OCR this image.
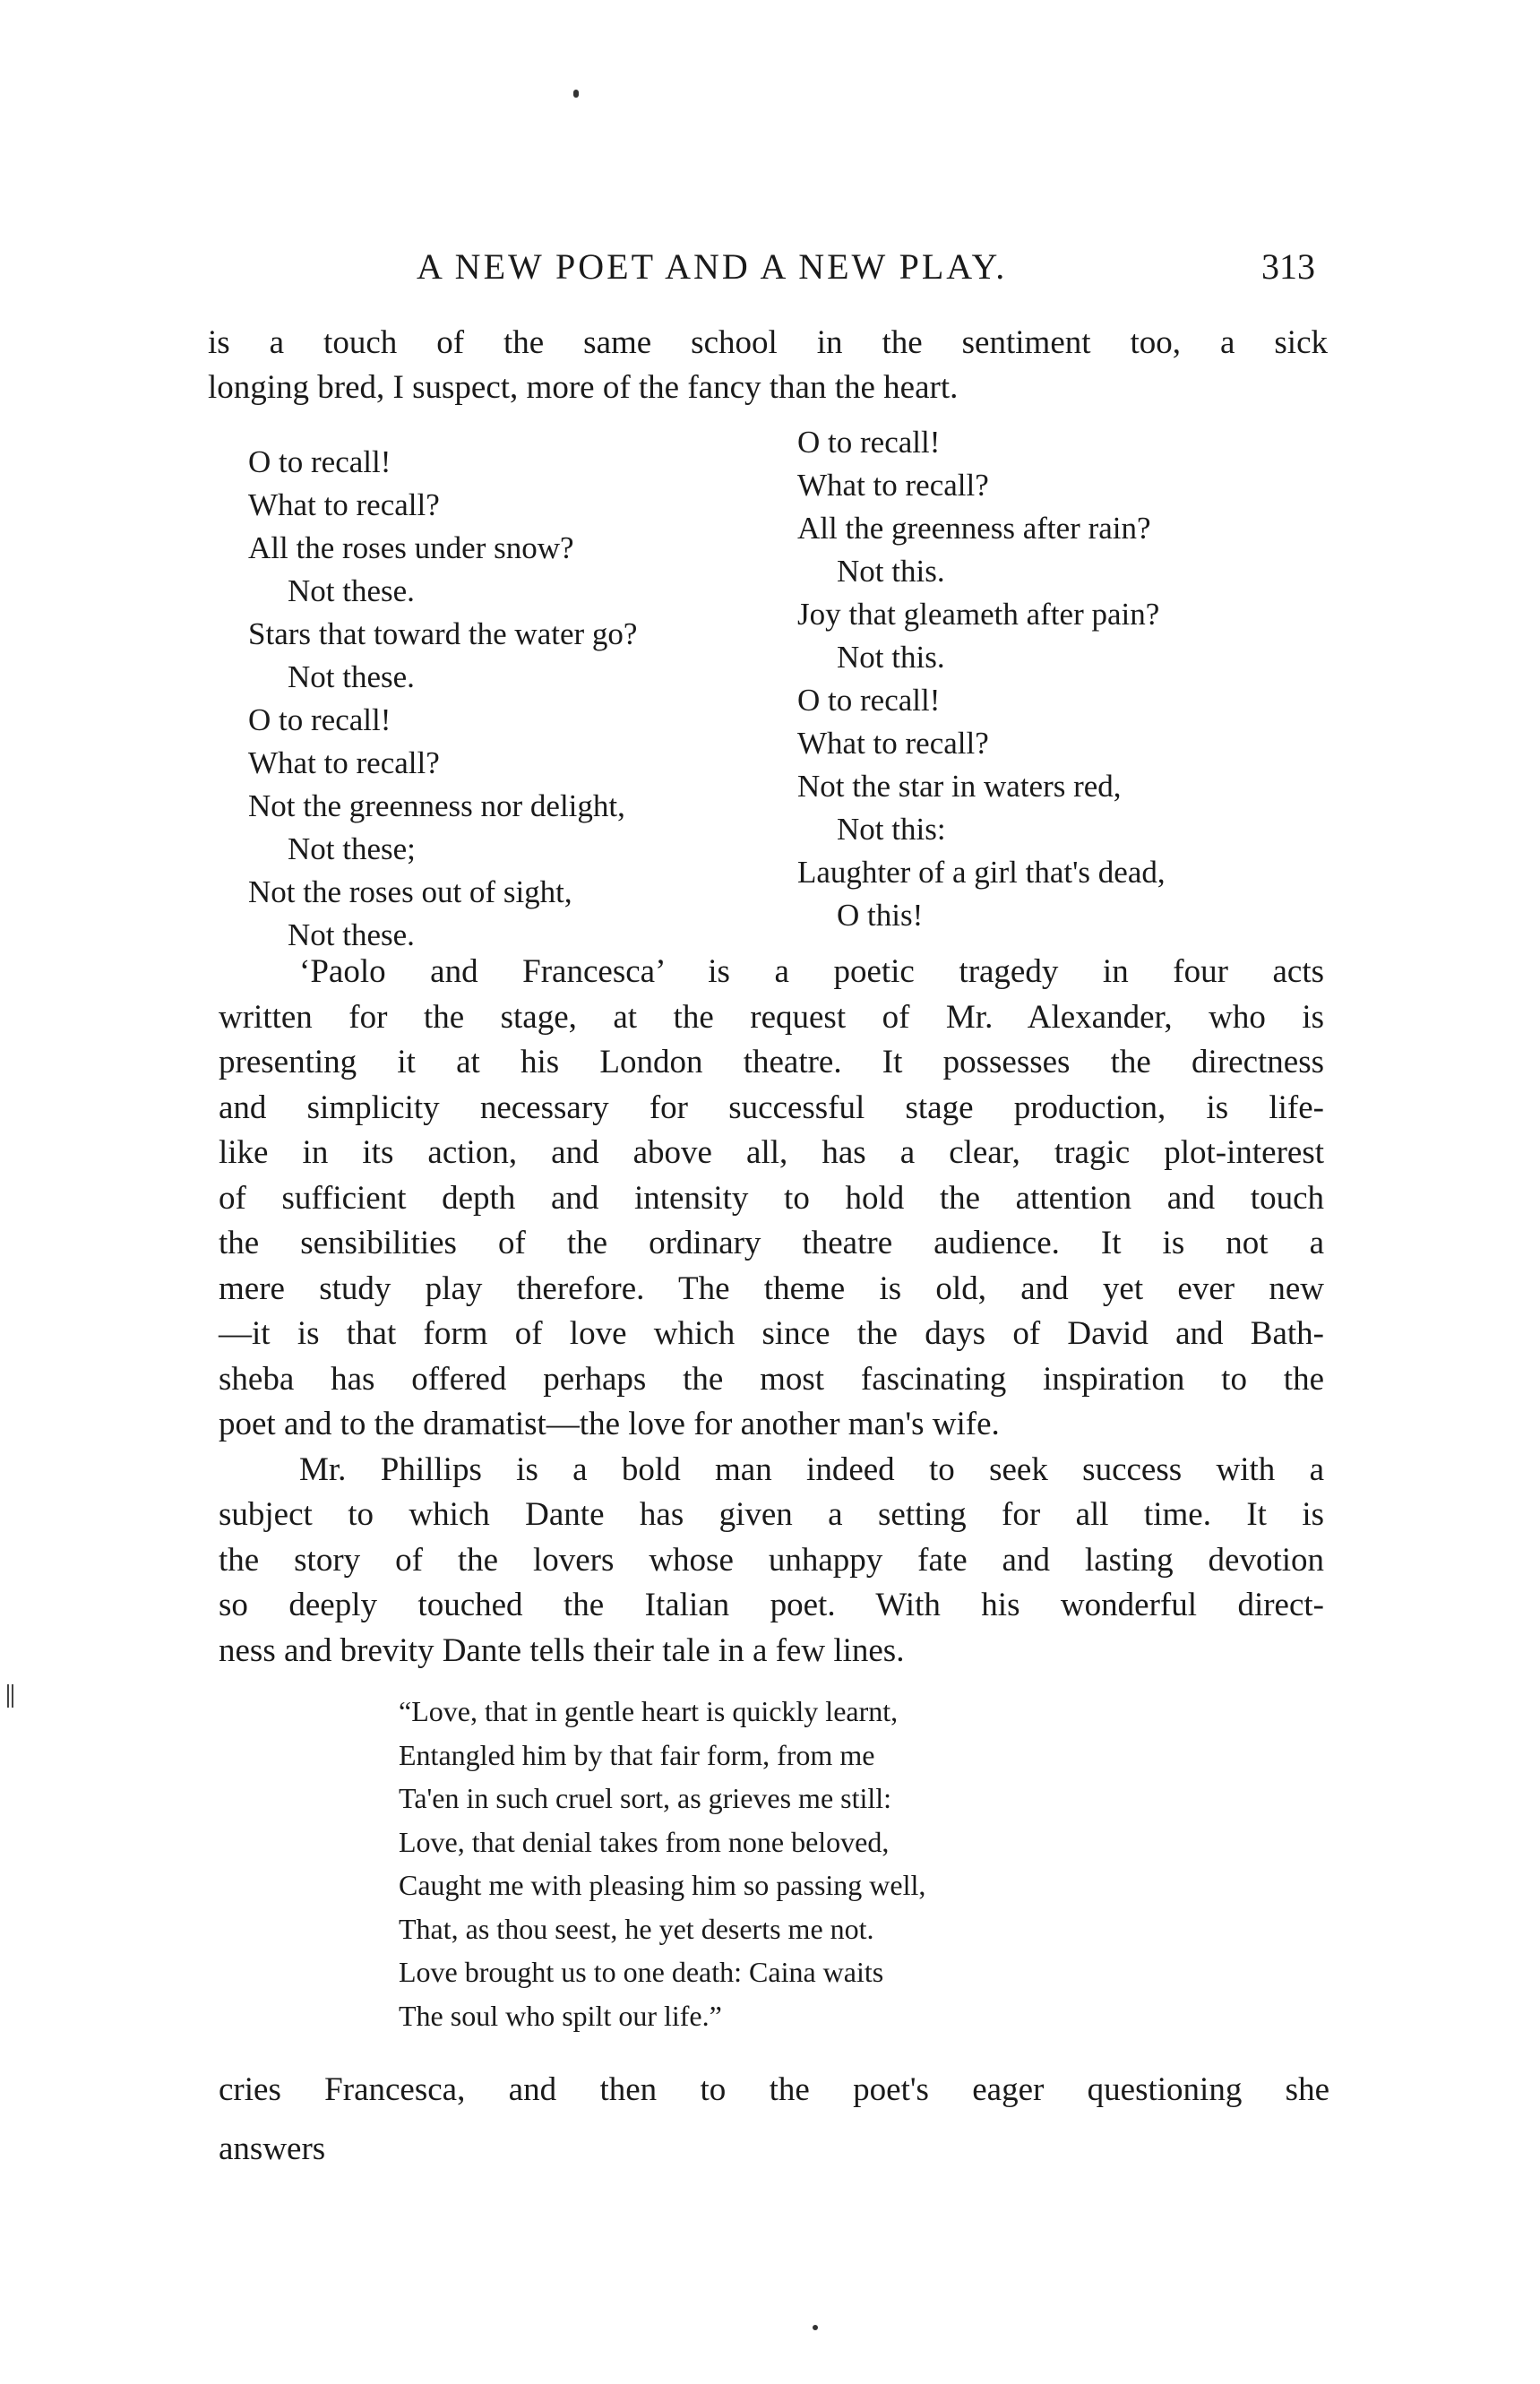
A NEW POET AND A NEW PLAY.	313

is a touch of the same school in the sentiment too, a sick

longing bred, I suspect, more of the fancy than the heart.

O to recall!
What to recall?
All the roses under snow?
Not these.
Stars that toward the water go?
Not these.
O to recall!
What to recall?
Not the greenness nor delight,
Not these;
Not the roses out of sight,
Not these.
O to recall!
What to recall?
All the greenness after rain?
Not this.
Joy that gleameth after pain?
Not this.
O to recall!
What to recall?
Not the star in waters red,
Not this:
Laughter of a girl that's dead,
O this!

‘Paolo and Francesca’ is a poetic tragedy in four acts
written for the stage, at the request of Mr. Alexander, who is
presenting it at his London theatre. It possesses the directness
and simplicity necessary for successful stage production, is life-
like in its action, and above all, has a clear, tragic plot-interest
of sufficient depth and intensity to hold the attention and touch
the sensibilities of the ordinary theatre audience. It is not a
mere study play therefore. The theme is old, and yet ever new
—it is that form of love which since the days of David and Bath-
sheba has offered perhaps the most fascinating inspiration to the
poet and to the dramatist—the love for another man's wife.

Mr. Phillips is a bold man indeed to seek success with a
subject to which Dante has given a setting for all time. It is
the story of the lovers whose unhappy fate and lasting devotion
so deeply touched the Italian poet. With his wonderful direct-
ness and brevity Dante tells their tale in a few lines.

“Love, that in gentle heart is quickly learnt,
Entangled him by that fair form, from me
Ta'en in such cruel sort, as grieves me still:
Love, that denial takes from none beloved,
Caught me with pleasing him so passing well,
That, as thou seest, he yet deserts me not.
Love brought us to one death: Caina waits
The soul who spilt our life.”
cries Francesca, and then to the poet's eager questioning she
answers
